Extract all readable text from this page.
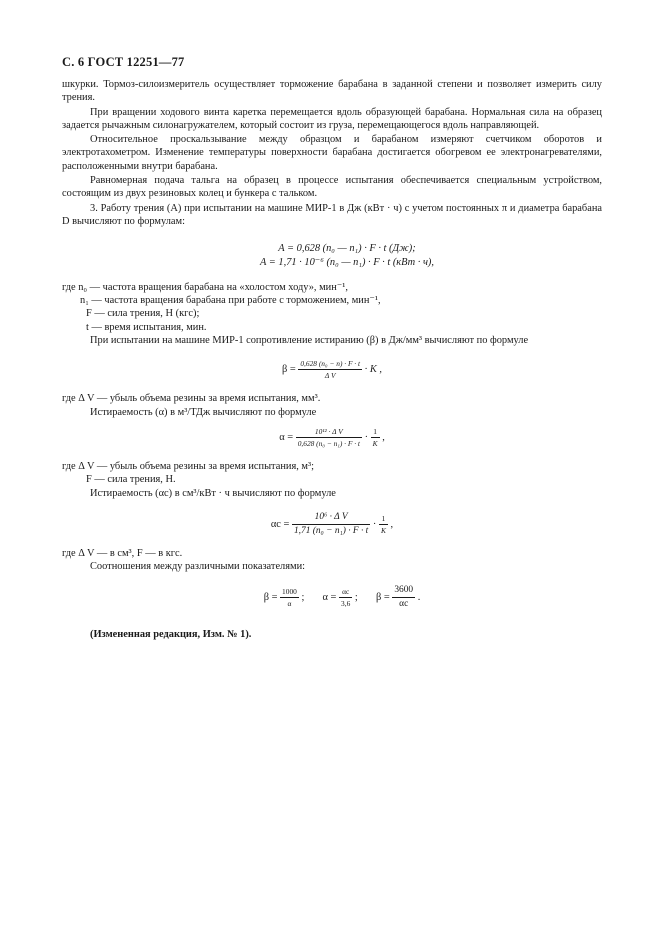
С. 6 ГОСТ 12251—77

шкурки. Тормоз-силоизмеритель осуществляет торможение барабана в заданной степени и позволяет измерить силу трения.

При вращении ходового винта каретка перемещается вдоль образующей барабана. Нормальная сила на образец задается рычажным силонагружателем, который состоит из груза, перемещающегося вдоль направляющей.

Относительное проскальзывание между образцом и барабаном измеряют счетчиком оборотов и электротахометром. Изменение температуры поверхности барабана достигается обогревом ее электронагревателями, расположенными внутри барабана.

Равномерная подача тальга на образец в процессе испытания обеспечивается специальным устройством, состоящим из двух резиновых колец и бункера с тальком.

3. Работу трения (A) при испытании на машине МИР-1 в Дж (кВт · ч) с учетом постоянных π и диаметра барабана D вычисляют по формулам:

A = 0,628 (n₀ — n₁) · F · t (Дж);
A = 1,71 · 10⁻⁶ (n₀ — n₁) · F · t (кВт · ч),

где n₀ — частота вращения барабана на «холостом ходу», мин⁻¹,

n₁ — частота вращения барабана при работе с торможением, мин⁻¹,

F — сила трения, Н (кгс);

t — время испытания, мин.

При испытании на машине МИР-1 сопротивление истиранию (β) в Дж/мм³ вычисляют по формуле

$\beta = \frac{\text{0,628 (n₀ − n) · F · t}}{\text{Δ V}} \cdot K$ ,

где Δ V — убыль объема резины за время испытания, мм³.

Истираемость (α) в м³/ТДж вычисляют по формуле

$\alpha = \frac{\text{10¹² · Δ V}}{\text{0,628 (n₀ − n₁) · F · t}} \cdot \frac{1}{K}$ ,

где Δ V — убыль объема резины за время испытания, м³;

F — сила трения, Н.

Истираемость (αс) в см³/кВт · ч вычисляют по формуле

$\alpha с = \frac{\text{10⁶ · Δ V}}{\text{1,71 (n₀ − n₁) · F · t}} \cdot \frac{1}{K}$ ,

где Δ V — в см³, F — в кгс.

Соотношения между различными показателями:

$\beta = \frac{1000}{\alpha}$ ; $\alpha = \frac{\alpha с}{3,6}$ ; $\beta = \frac{3600}{\alpha с}$ .

(Измененная редакция, Изм. № 1).
